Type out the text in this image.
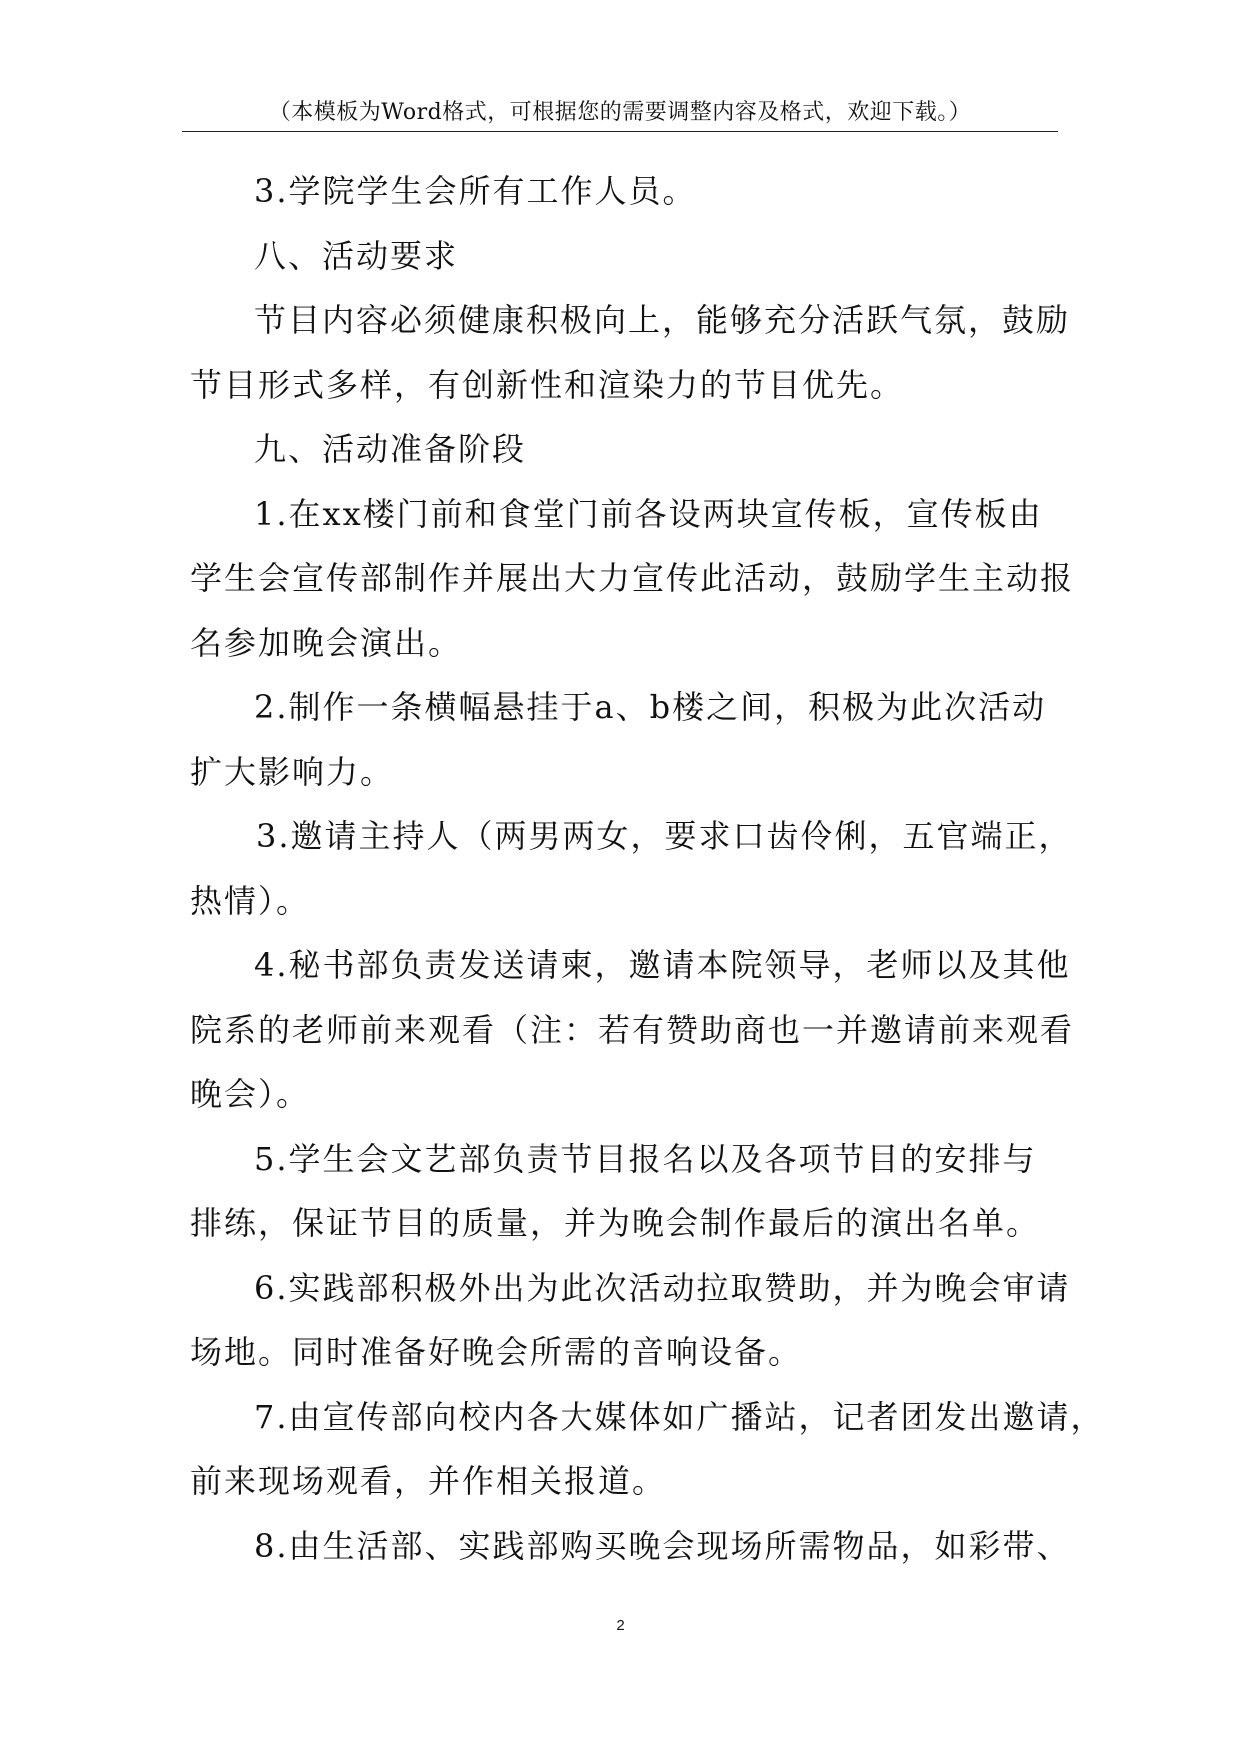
（本模板为Word格式，可根据您的需要调整内容及格式，欢迎下载。）

3.学院学生会所有工作人员。

八、活动要求

节目内容必须健康积极向上，能够充分活跃气氛，鼓励

节目形式多样，有创新性和渲染力的节目优先。

九、活动准备阶段

1.在xx楼门前和食堂门前各设两块宣传板，宣传板由

学生会宣传部制作并展出大力宣传此活动，鼓励学生主动报

名参加晚会演出。

2.制作一条横幅悬挂于a、b楼之间，积极为此次活动

扩大影响力。

3.邀请主持人（两男两女，要求口齿伶俐，五官端正，

热情）。

4.秘书部负责发送请柬，邀请本院领导，老师以及其他

院系的老师前来观看（注：若有赞助商也一并邀请前来观看

晚会）。

5.学生会文艺部负责节目报名以及各项节目的安排与

排练，保证节目的质量，并为晚会制作最后的演出名单。

6.实践部积极外出为此次活动拉取赞助，并为晚会审请

场地。同时准备好晚会所需的音响设备。

7.由宣传部向校内各大媒体如广播站，记者团发出邀请，

前来现场观看，并作相关报道。

8.由生活部、实践部购买晚会现场所需物品，如彩带、

2
